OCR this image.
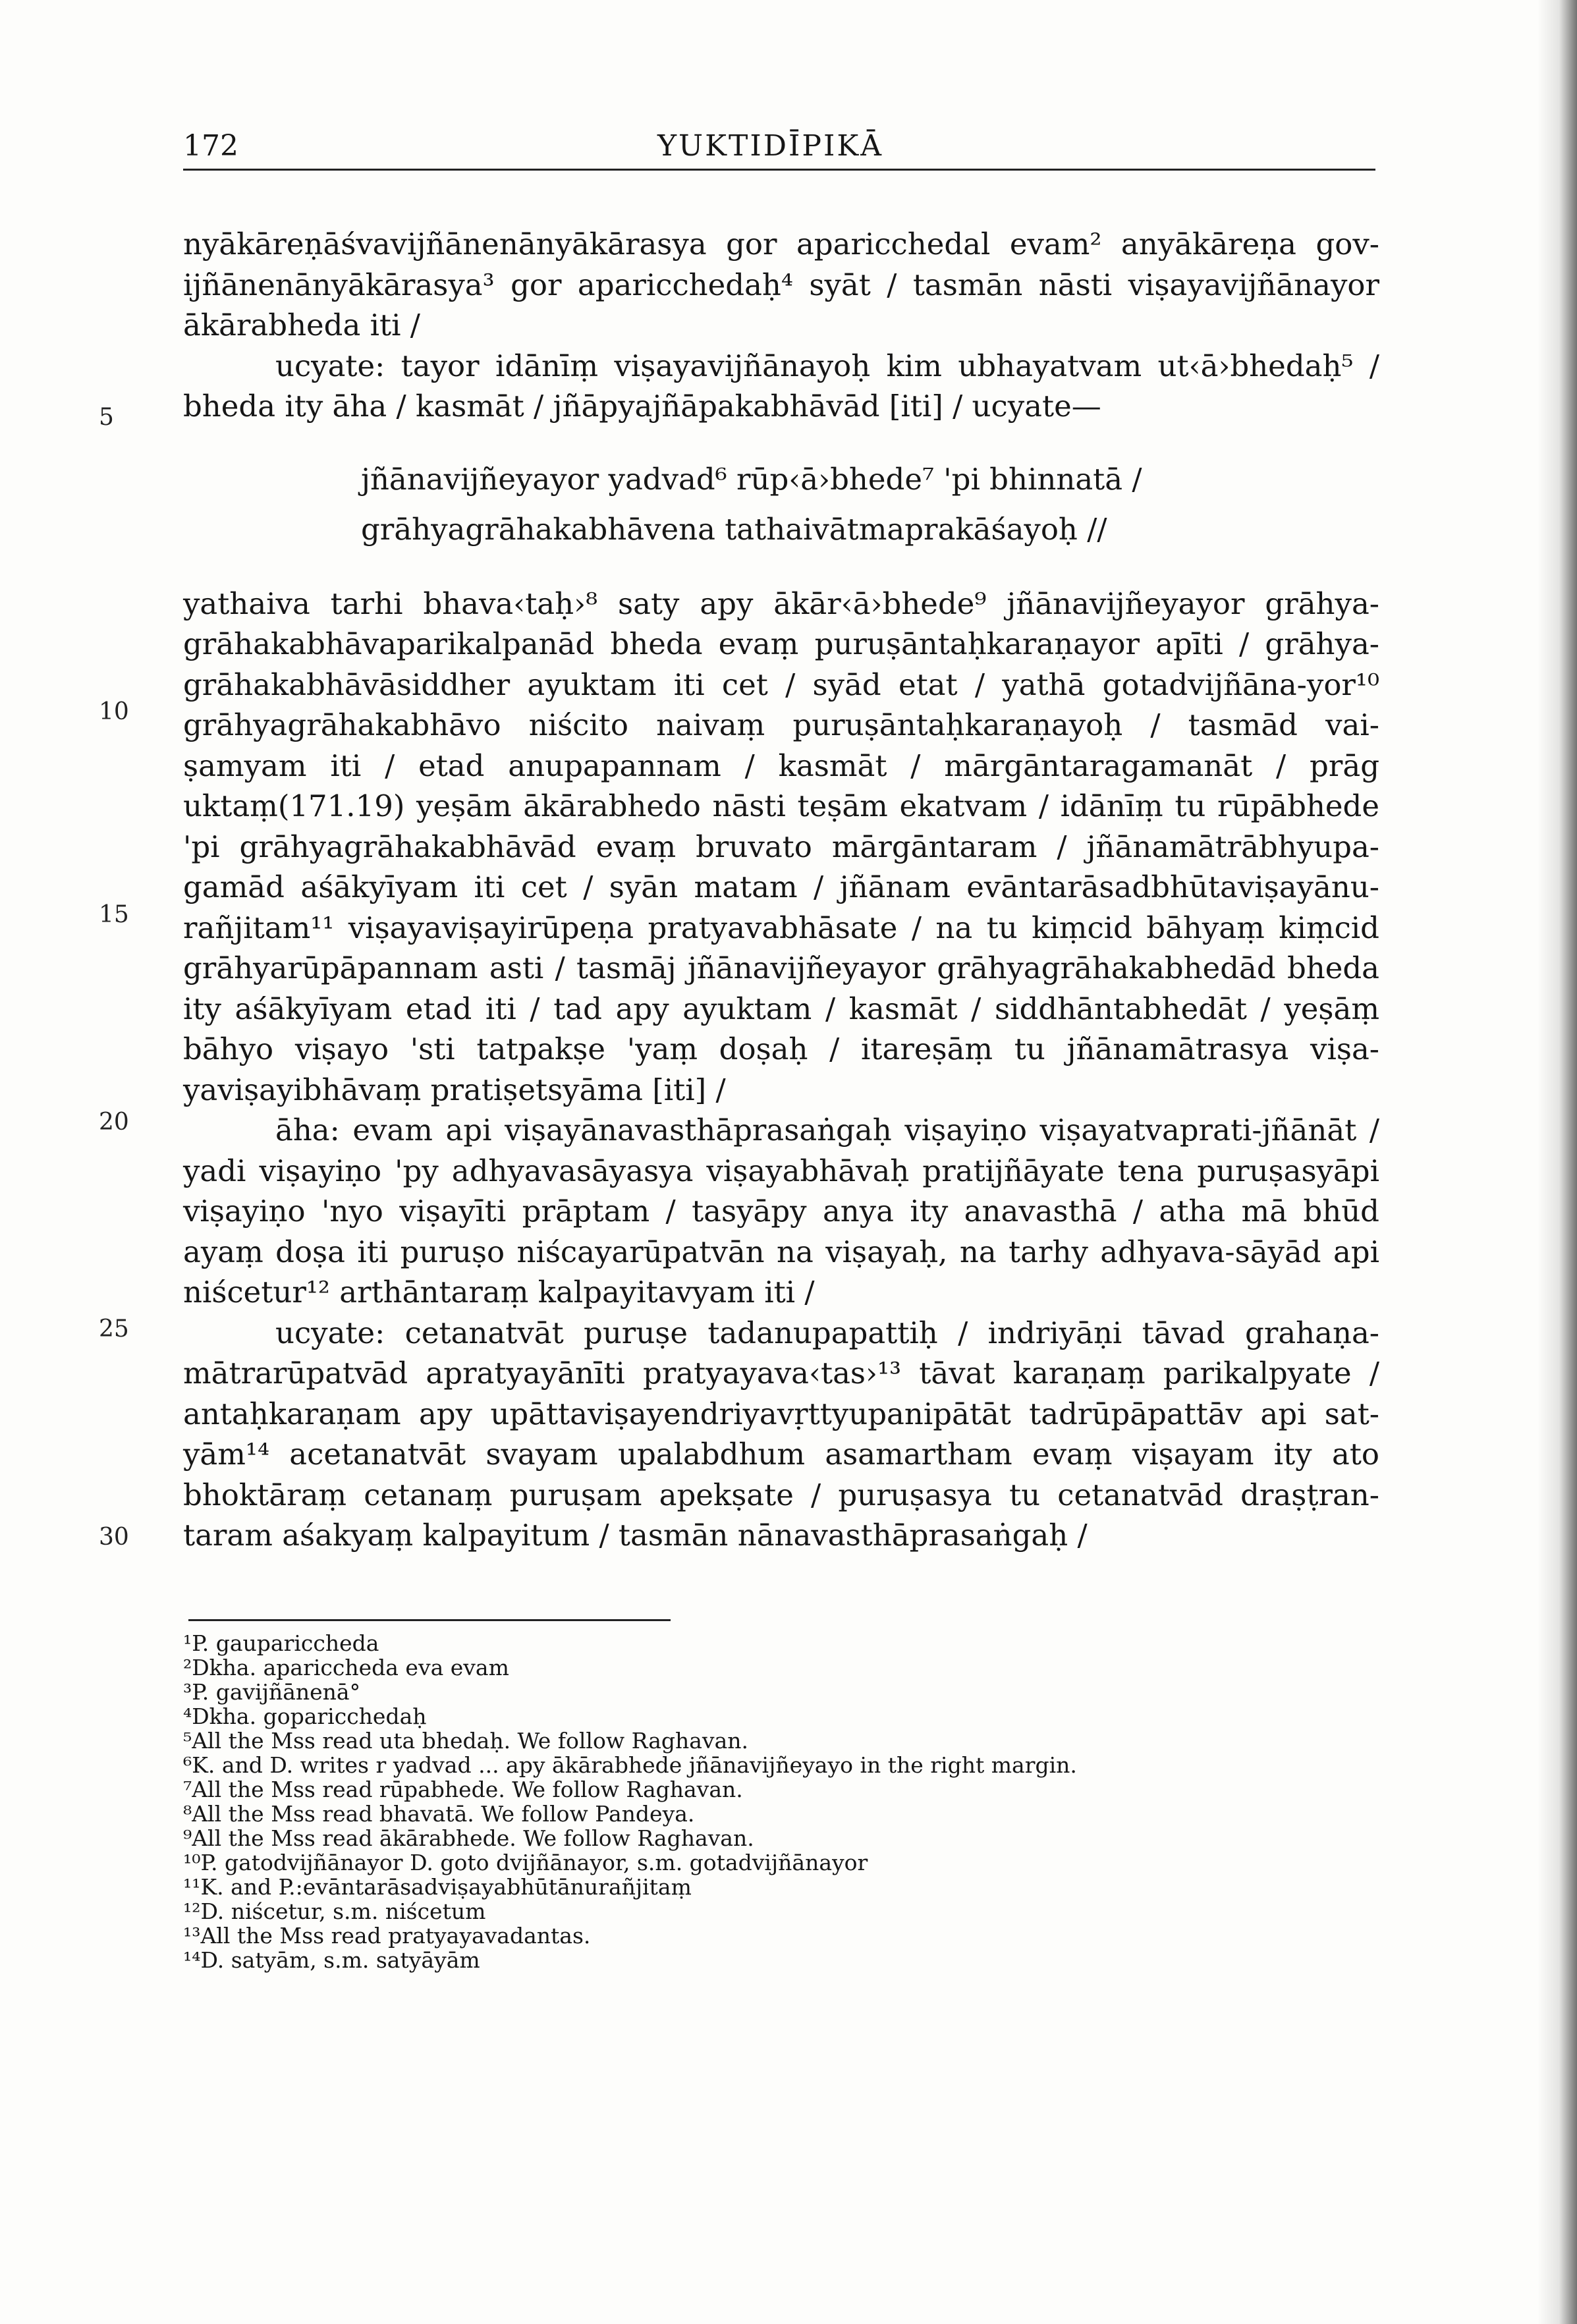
172	YUKTIDĪPIKĀ
5
10
15
20
25
30

nyākāreṇāśvavijñānenānyākārasya gor aparicchedal evam² anyākāreṇa gov-ijñānenānyākārasya³ gor aparicchedaḥ⁴ syāt / tasmān nāsti viṣayavijñānayor ākārabheda iti /

ucyate: tayor idānīṃ viṣayavijñānayoḥ kim ubhayatvam ut‹ā›bhedaḥ⁵ / bheda ity āha / kasmāt / jñāpyajñāpakabhāvād [iti] / ucyate—

jñānavijñeyayor yadvad⁶ rūp‹ā›bhede⁷ 'pi bhinnatā /
grāhyagrāhakabhāvena tathaivātmaprakāśayoḥ //

yathaiva tarhi bhava‹taḥ›⁸ saty apy ākār‹ā›bhede⁹ jñānavijñeyayor grāhya-grāhakabhāvaparikalpanād bheda evaṃ puruṣāntaḥkaraṇayor apīti / grāhya-grāhakabhāvāsiddher ayuktam iti cet / syād etat / yathā gotadvijñāna-yor¹⁰ grāhyagrāhakabhāvo niścito naivaṃ puruṣāntaḥkaraṇayoḥ / tasmād vai-ṣamyam iti / etad anupapannam / kasmāt / mārgāntaragamanāt / prāg uktaṃ(171.19) yeṣām ākārabhedo nāsti teṣām ekatvam / idānīṃ tu rūpābhede 'pi grāhyagrāhakabhāvād evaṃ bruvato mārgāntaram / jñānamātrābhyupa-gamād aśākyīyam iti cet / syān matam / jñānam evāntarāsadbhūtaviṣayānu-rañjitam¹¹ viṣayaviṣayirūpeṇa pratyavabhāsate / na tu kiṃcid bāhyaṃ kiṃcid grāhyarūpāpannam asti / tasmāj jñānavijñeyayor grāhyagrāhakabhedād bheda ity aśākyīyam etad iti / tad apy ayuktam / kasmāt / siddhāntabhedāt / yeṣāṃ bāhyo viṣayo 'sti tatpakṣe 'yaṃ doṣaḥ / itareṣāṃ tu jñānamātrasya viṣa-yaviṣayibhāvaṃ pratiṣetsyāma [iti] /

āha: evam api viṣayānavasthāprasaṅgaḥ viṣayiṇo viṣayatvaprati-jñānāt / yadi viṣayiṇo 'py adhyavasāyasya viṣayabhāvaḥ pratijñāyate tena puruṣasyāpi viṣayiṇo 'nyo viṣayīti prāptam / tasyāpy anya ity anavasthā / atha mā bhūd ayaṃ doṣa iti puruṣo niścayarūpatvān na viṣayaḥ, na tarhy adhyava-sāyād api niścetur¹² arthāntaraṃ kalpayitavyam iti /

ucyate: cetanatvāt puruṣe tadanupapattiḥ / indriyāṇi tāvad grahaṇa-mātrarūpatvād apratyayānīti pratyayava‹tas›¹³ tāvat karaṇaṃ parikalpyate / antaḥkaraṇam apy upāttaviṣayendriyavṛttyupanipātāt tadrūpāpattāv api sat-yām¹⁴ acetanatvāt svayam upalabdhum asamartham evaṃ viṣayam ity ato bhoktāraṃ cetanaṃ puruṣam apekṣate / puruṣasya tu cetanatvād draṣṭran-taram aśakyaṃ kalpayitum / tasmān nānavasthāprasaṅgaḥ /

¹P. gauparicchedа
²Dkha. aparicchedа eva evam
³P. gavijñānenā°
⁴Dkha. goparicchedaḥ
⁵All the Mss read uta bhedaḥ. We follow Raghavan.
⁶K. and D. writes r yadvad ... apy ākārabhede jñānavijñeyayo in the right margin.
⁷All the Mss read rūpabhede. We follow Raghavan.
⁸All the Mss read bhavatā. We follow Pandeya.
⁹All the Mss read ākārabhede. We follow Raghavan.
¹⁰P. gatodvijñānayor D. goto dvijñānayor, s.m. gotadvijñānayor
¹¹K. and P.:evāntarāsadviṣayabhūtānurañjitaṃ
¹²D. niścetur, s.m. niścetum
¹³All the Mss read pratyayavadantas.
¹⁴D. satyām, s.m. satyāyām
